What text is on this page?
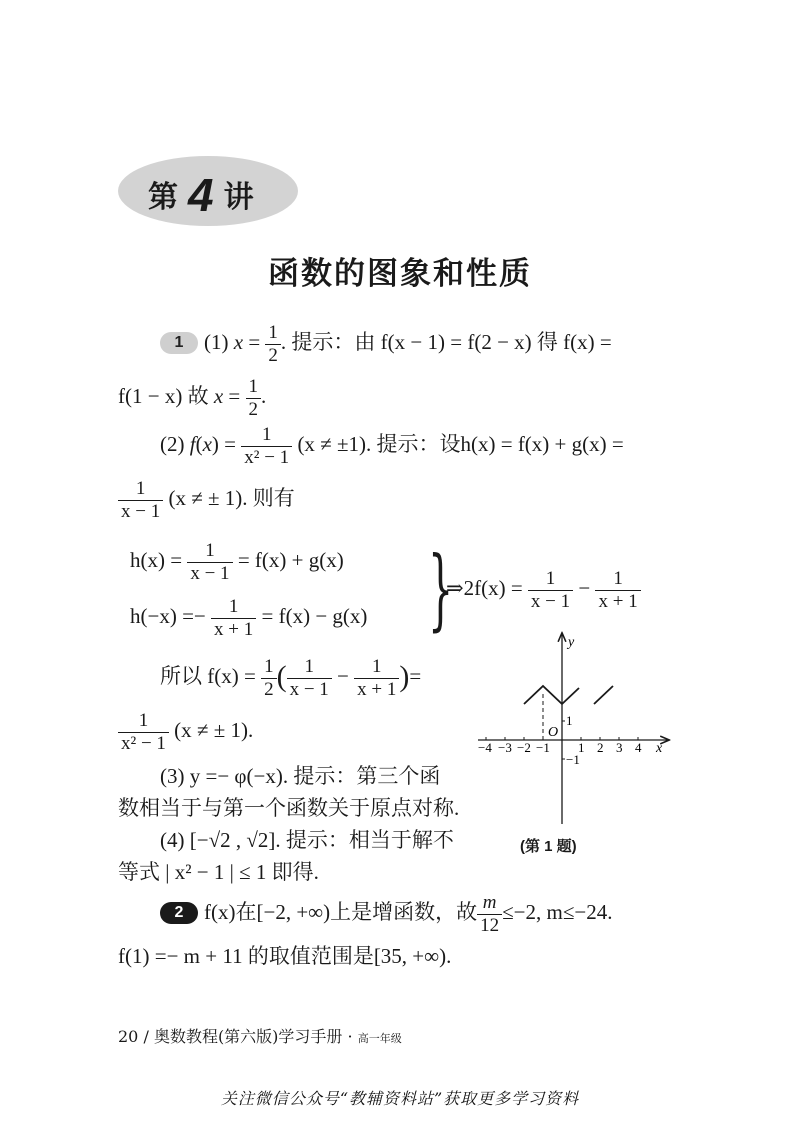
第4 讲
函数的图象和性质
1 (1) $x = \frac{1}{2}$ . 提示：由 f(x − 1) = f(2 − x) 得 f(x) =
f(1 − x) 故 $x = \frac{1}{2}$ .
(2) $f(x) = \frac{1}{\text{x² − 1}} (x \ne \pm 1)$. 提示：设h(x) = f(x) + g(x) =
$\frac{1}{x - 1} (x$ ≠ ± 1). 则有
$h(x) = \frac{1}{x - 1} = f(x) + g(x)$
$h(-x) =- \frac{1}{x + 1} = f(x) - g(x)$ }
⇒2f(x) = $\frac{1}{x - 1} - \frac{1}{x + 1}$
所以 $f(x) = \frac{1}{2}$ ( $\frac{1}{x - 1} - \frac{1}{x + 1}$ )=
$\frac{1}{\text{x² − 1}} (x$ ≠ ± 1).
(3) y =− φ(−x). 提示：第三个函
数相当于与第一个函数关于原点对称.
(4) [−√2 , √2]. 提示：相当于解不
等式 | x² − 1 | ≤ 1 即得.
y
x
O
−4 −3 −2 −1 1 2 3 4
1
−1
(第 1 题)
2 f(x)在[−2, +∞)上是增函数，故 $\frac{m}{12} \le-2$, m≤−24.
f(1) =− m + 11 的取值范围是[35, +∞).
20 / 奥数教程(第六版)学习手册 · 高一年级
关注微信公众号“教辅资料站”获取更多学习资料
